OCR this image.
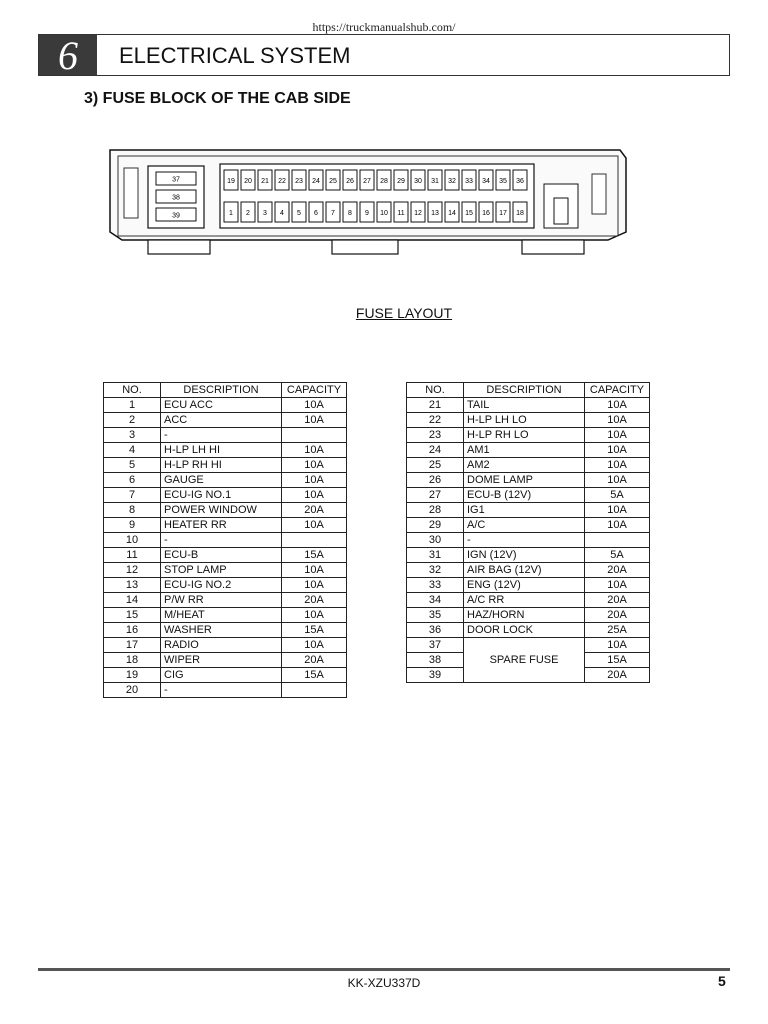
https://truckmanualshub.com/
6	ELECTRICAL SYSTEM
3) FUSE BLOCK OF THE CAB SIDE
37
38
39
19 20 21 22 23 24 25 26 27 28 29 30 31 32 33 34 35 36
1 2 3 4 5 6 7 8 9 10 11 12 13 14 15 16 17 18
FUSE LAYOUT
NO.	DESCRIPTION	CAPACITY
1	ECU ACC	10A
2	ACC	10A
3	-	
4	H-LP LH HI	10A
5	H-LP RH HI	10A
6	GAUGE	10A
7	ECU-IG NO.1	10A
8	POWER WINDOW	20A
9	HEATER RR	10A
10	-	
11	ECU-B	15A
12	STOP LAMP	10A
13	ECU-IG NO.2	10A
14	P/W RR	20A
15	M/HEAT	10A
16	WASHER	15A
17	RADIO	10A
18	WIPER	20A
19	CIG	15A
20	-	
NO.	DESCRIPTION	CAPACITY
21	TAIL	10A
22	H-LP LH LO	10A
23	H-LP RH LO	10A
24	AM1	10A
25	AM2	10A
26	DOME LAMP	10A
27	ECU-B (12V)	5A
28	IG1	10A
29	A/C	10A
30	-	
31	IGN (12V)	5A
32	AIR BAG (12V)	20A
33	ENG (12V)	10A
34	A/C RR	20A
35	HAZ/HORN	20A
36	DOOR LOCK	25A
37	SPARE FUSE	10A
38		15A
39		20A
KK-XZU337D	5
